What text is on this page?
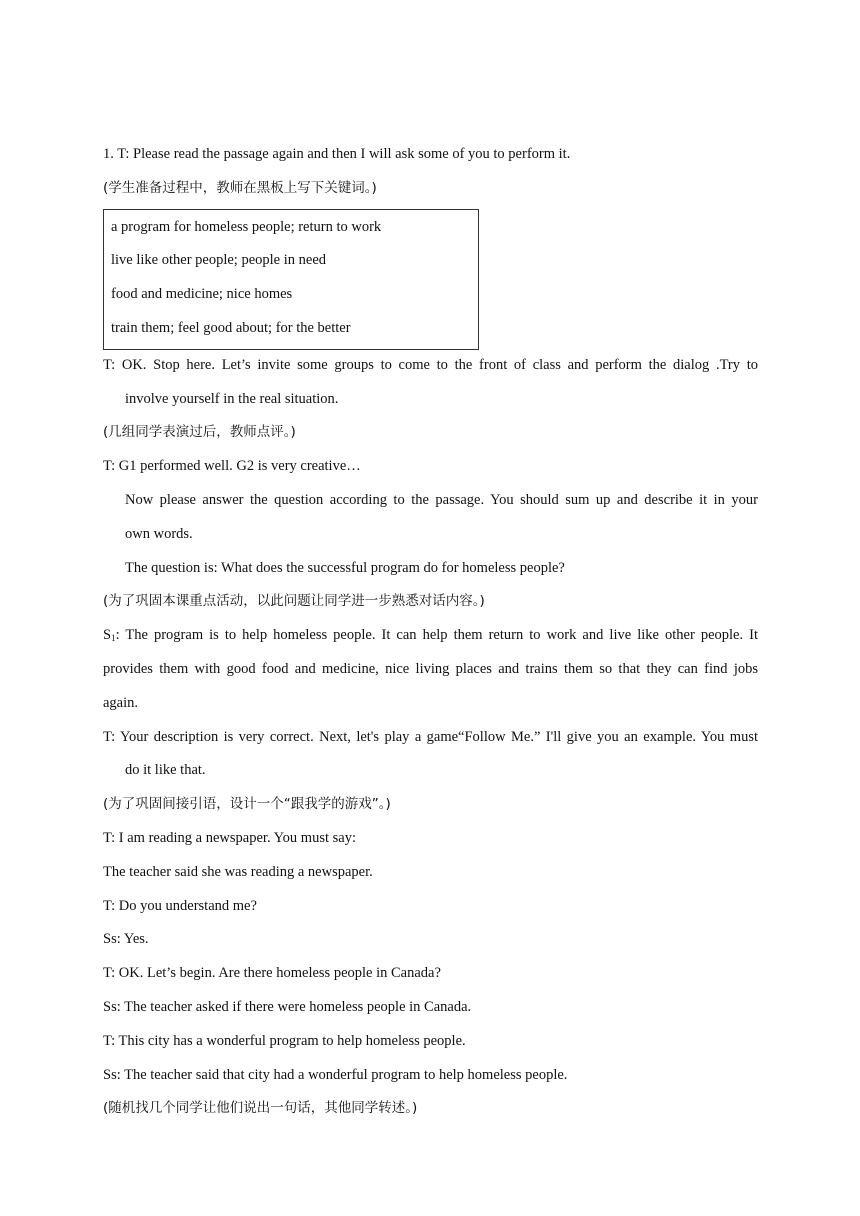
1. T: Please read the passage again and then I will ask some of you to perform it.
(学生准备过程中，教师在黑板上写下关键词。)
a program for homeless people; return to work
live like other people; people in need
food and medicine; nice homes
train them; feel good about; for the better
T: OK. Stop here. Let’s invite some groups to come to the front of class and perform the dialog .Try to
involve yourself in the real situation.
(几组同学表演过后，教师点评。)
T: G1 performed well. G2 is very creative…
Now please answer the question according to the passage. You should sum up and describe it in your
own words.
The question is: What does the successful program do for homeless people?
(为了巩固本课重点活动，以此问题让同学进一步熟悉对话内容。)
$S_1$: The program is to help homeless people. It can help them return to work and live like other people. It
provides them with good food and medicine, nice living places and trains them so that they can find jobs
again.
T: Your description is very correct. Next, let's play a game“Follow Me.” I'll give you an example. You must
do it like that.
(为了巩固间接引语，设计一个“跟我学的游戏”。)
T: I am reading a newspaper. You must say:
The teacher said she was reading a newspaper.
T: Do you understand me?
Ss: Yes.
T: OK. Let’s begin. Are there homeless people in Canada?
Ss: The teacher asked if there were homeless people in Canada.
T: This city has a wonderful program to help homeless people.
Ss: The teacher said that city had a wonderful program to help homeless people.
(随机找几个同学让他们说出一句话，其他同学转述。)
